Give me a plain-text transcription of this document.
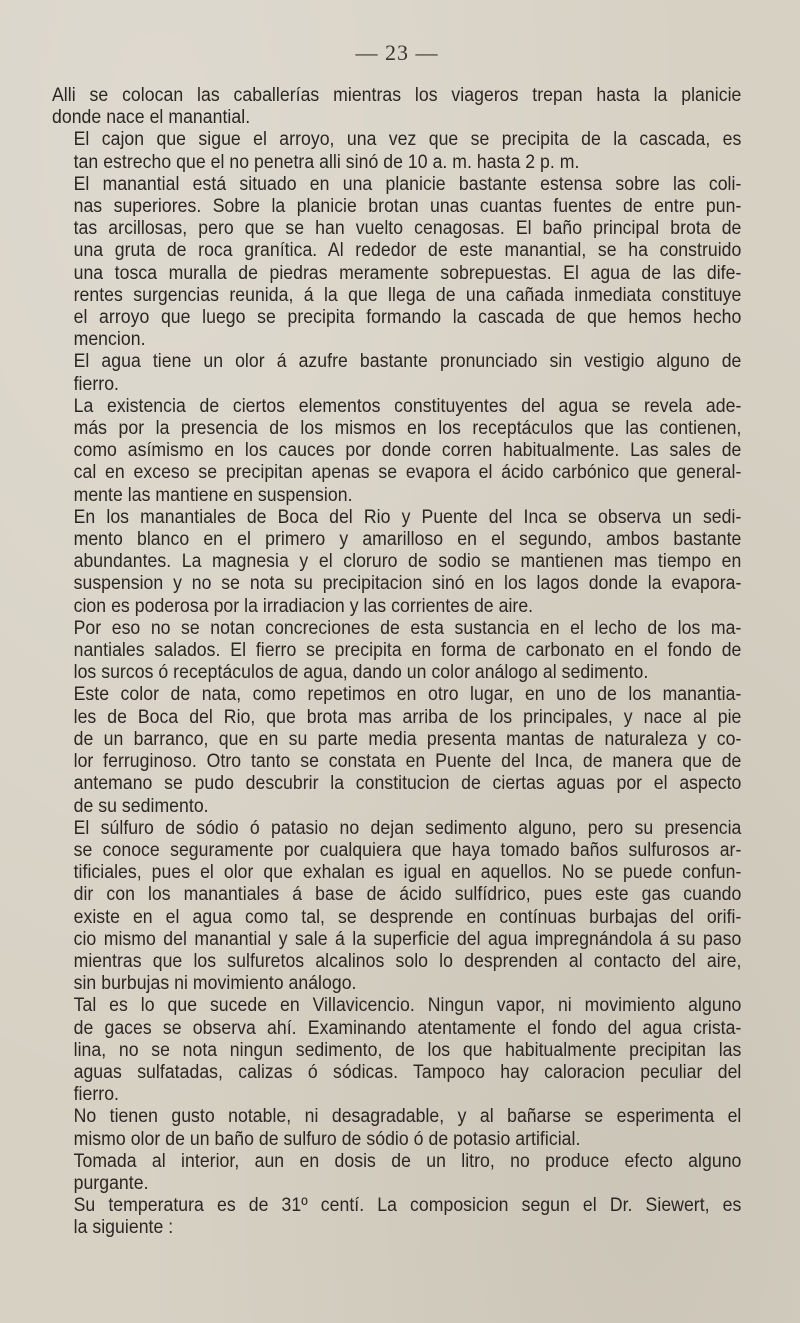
— 23 —
Alli se colocan las caballerías mientras los viageros trepan hasta la planicie
donde nace el manantial.
El cajon que sigue el arroyo, una vez que se precipita de la cascada, es
tan estrecho que el no penetra alli sinó de 10 a. m. hasta 2 p. m.
El manantial está situado en una planicie bastante estensa sobre las coli-
nas superiores. Sobre la planicie brotan unas cuantas fuentes de entre pun-
tas arcillosas, pero que se han vuelto cenagosas. El baño principal brota de
una gruta de roca granítica. Al rededor de este manantial, se ha construido
una tosca muralla de piedras meramente sobrepuestas. El agua de las dife-
rentes surgencias reunida, á la que llega de una cañada inmediata constituye
el arroyo que luego se precipita formando la cascada de que hemos hecho
mencion.
El agua tiene un olor á azufre bastante pronunciado sin vestigio alguno de
fierro.
La existencia de ciertos elementos constituyentes del agua se revela ade-
más por la presencia de los mismos en los receptáculos que las contienen,
como asímismo en los cauces por donde corren habitualmente. Las sales de
cal en exceso se precipitan apenas se evapora el ácido carbónico que general-
mente las mantiene en suspension.
En los manantiales de Boca del Rio y Puente del Inca se observa un sedi-
mento blanco en el primero y amarilloso en el segundo, ambos bastante
abundantes. La magnesia y el cloruro de sodio se mantienen mas tiempo en
suspension y no se nota su precipitacion sinó en los lagos donde la evapora-
cion es poderosa por la irradiacion y las corrientes de aire.
Por eso no se notan concreciones de esta sustancia en el lecho de los ma-
nantiales salados. El fierro se precipita en forma de carbonato en el fondo de
los surcos ó receptáculos de agua, dando un color análogo al sedimento.
Este color de nata, como repetimos en otro lugar, en uno de los manantia-
les de Boca del Rio, que brota mas arriba de los principales, y nace al pie
de un barranco, que en su parte media presenta mantas de naturaleza y co-
lor ferruginoso. Otro tanto se constata en Puente del Inca, de manera que de
antemano se pudo descubrir la constitucion de ciertas aguas por el aspecto
de su sedimento.
El súlfuro de sódio ó patasio no dejan sedimento alguno, pero su presencia
se conoce seguramente por cualquiera que haya tomado baños sulfurosos ar-
tificiales, pues el olor que exhalan es igual en aquellos. No se puede confun-
dir con los manantiales á base de ácido sulfídrico, pues este gas cuando
existe en el agua como tal, se desprende en contínuas burbajas del orifi-
cio mismo del manantial y sale á la superficie del agua impregnándola á su paso
mientras que los sulfuretos alcalinos solo lo desprenden al contacto del aire,
sin burbujas ni movimiento análogo.
Tal es lo que sucede en Villavicencio. Ningun vapor, ni movimiento alguno
de gaces se observa ahí. Examinando atentamente el fondo del agua crista-
lina, no se nota ningun sedimento, de los que habitualmente precipitan las
aguas sulfatadas, calizas ó sódicas. Tampoco hay caloracion peculiar del
fierro.
No tienen gusto notable, ni desagradable, y al bañarse se esperimenta el
mismo olor de un baño de sulfuro de sódio ó de potasio artificial.
Tomada al interior, aun en dosis de un litro, no produce efecto alguno
purgante.
Su temperatura es de 31º centí. La composicion segun el Dr. Siewert, es
la siguiente :
